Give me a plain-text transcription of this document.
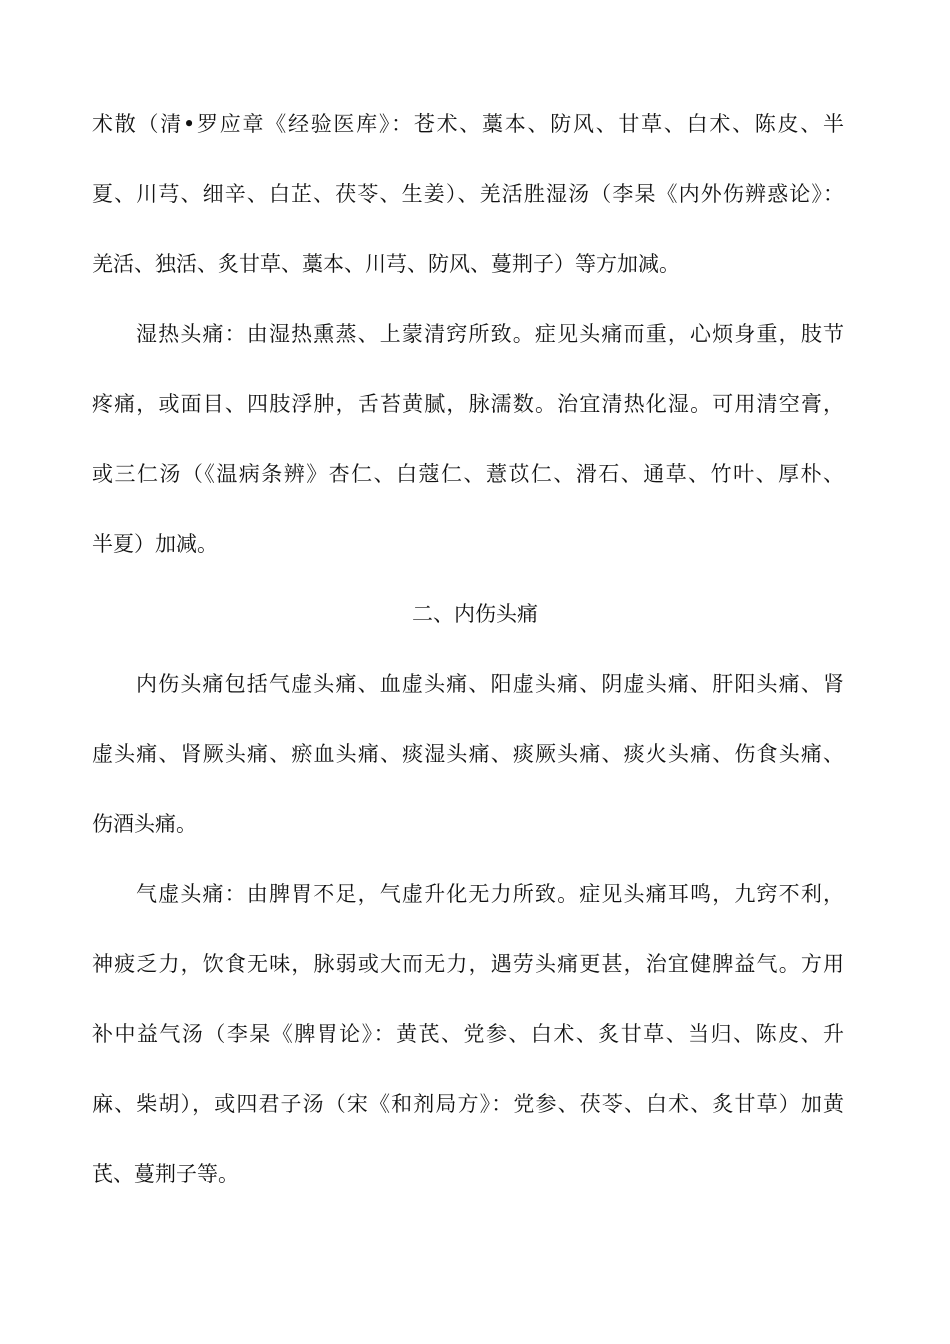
术散（清•罗应章《经验医库》：苍术、藁本、防风、甘草、白术、陈皮、半
夏、川芎、细辛、白芷、茯苓、生姜）、羌活胜湿汤（李杲《内外伤辨惑论》：
羌活、独活、炙甘草、藁本、川芎、防风、蔓荆子）等方加减。
湿热头痛：由湿热熏蒸、上蒙清窍所致。症见头痛而重，心烦身重，肢节
疼痛，或面目、四肢浮肿，舌苔黄腻，脉濡数。治宜清热化湿。可用清空膏，
或三仁汤（《温病条辨》杏仁、白蔻仁、薏苡仁、滑石、通草、竹叶、厚朴、
半夏）加减。
二、内伤头痛
内伤头痛包括气虚头痛、血虚头痛、阳虚头痛、阴虚头痛、肝阳头痛、肾
虚头痛、肾厥头痛、瘀血头痛、痰湿头痛、痰厥头痛、痰火头痛、伤食头痛、
伤酒头痛。
气虚头痛：由脾胃不足，气虚升化无力所致。症见头痛耳鸣，九窍不利，
神疲乏力，饮食无味，脉弱或大而无力，遇劳头痛更甚，治宜健脾益气。方用
补中益气汤（李杲《脾胃论》：黄芪、党参、白术、炙甘草、当归、陈皮、升
麻、柴胡），或四君子汤（宋《和剂局方》：党参、茯苓、白术、炙甘草）加黄
芪、蔓荆子等。
